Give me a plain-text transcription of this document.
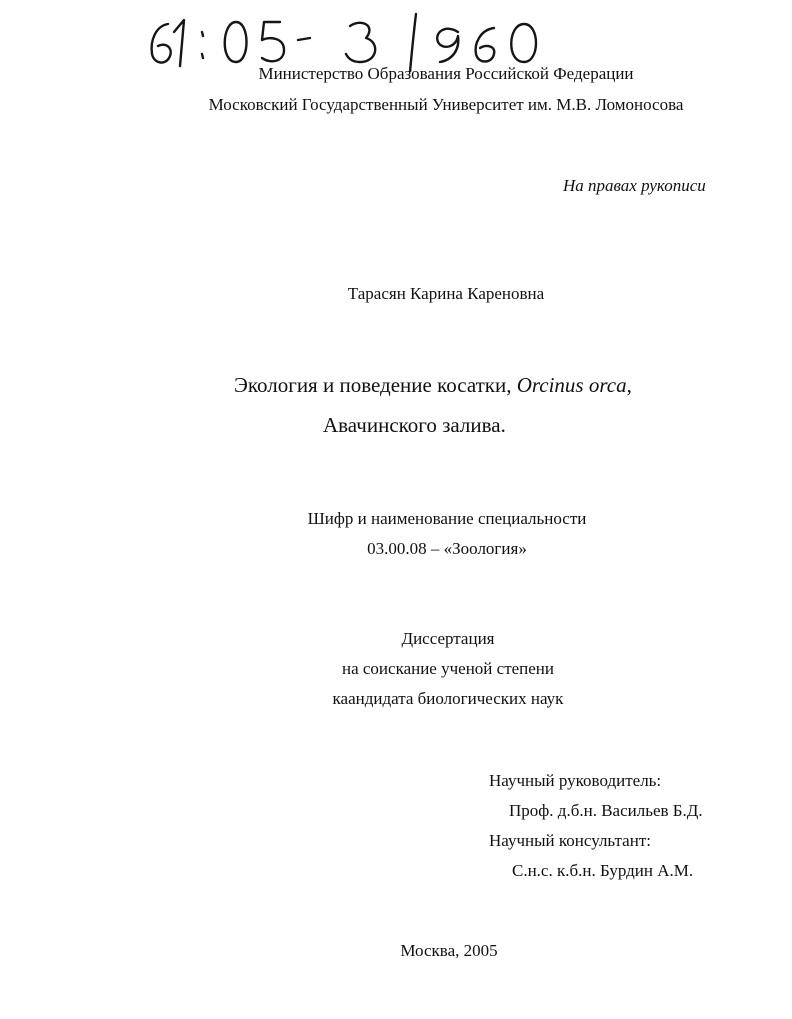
Министерство Образования Российской Федерации
Московский Государственный Университет им. М.В. Ломоносова
На правах рукописи
Тарасян Карина Кареновна
Экология и поведение косатки, Orcinus orca,
Авачинского залива.
Шифр и наименование специальности
03.00.08 – «Зоология»
Диссертация
на соискание ученой степени
каандидата биологических наук
Научный руководитель:
Проф. д.б.н. Васильев Б.Д.
Научный консультант:
С.н.с. к.б.н. Бурдин А.М.
Москва, 2005
